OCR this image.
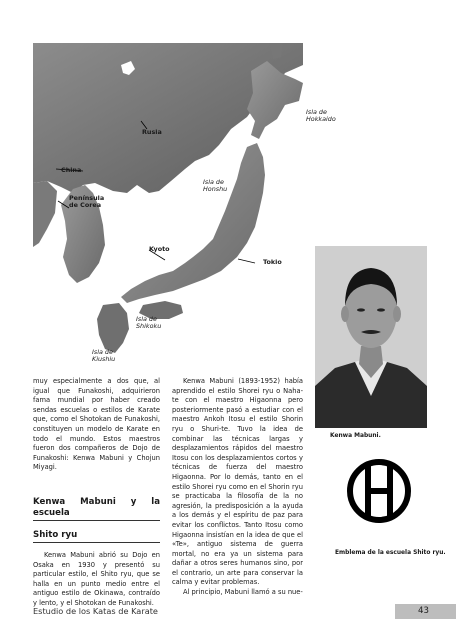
Rusia
China
Península
de Corea
Isla de
Honshu
Kyoto
Tokio
Isla de
Shikoku
Isla de
Kiushiu
Isla de
Hokkaido

muy especialmente a dos que, al igual que Funakoshi, adquirieron fama mundial por haber creado sendas escuelas o estilos de Karate que, como el Shotokan de Funakoshi, constituyen un modelo de Karate en todo el mundo. Estos maestros fueron dos compañeros de Dojo de Funakoshi: Kenwa Mabuni y Chojun Miyagi.

Kenwa Mabuni y la escuela
Shito ryu

Kenwa Mabuni abrió su Dojo en Osaka en 1930 y presentó su particular estilo, el Shito ryu, que se halla en un punto medio entre el antiguo estilo de Okinawa, contraído y lento, y el Shotokan de Funakoshi.

Kenwa Mabuni (1893-1952) había aprendido el estilo Shorei ryu o Naha-te con el maestro Higaonna pero posteriormente pasó a estudiar con el maestro Ankoh Itosu el estilo Shorin ryu o Shuri-te. Tuvo la idea de combinar las técnicas largas y desplazamientos rápidos del maestro Itosu con los desplazamientos cortos y técnicas de fuerza del maestro Higaonna. Por lo demás, tanto en el estilo Shorei ryu como en el Shorin ryu se practicaba la filosofía de la no agresión, la predisposición a la ayuda a los demás y el espíritu de paz para evitar los conflictos. Tanto Itosu como Higaonna insistían en la idea de que el «Te», antiguo sistema de guerra mortal, no era ya un sistema para dañar a otros seres humanos sino, por el contrario, un arte para conservar la calma y evitar problemas.

Al principio, Mabuni llamó a su nue-

Kenwa Mabuni.
Emblema de la escuela Shito ryu.
Estudio de los Katas de Karate	43
